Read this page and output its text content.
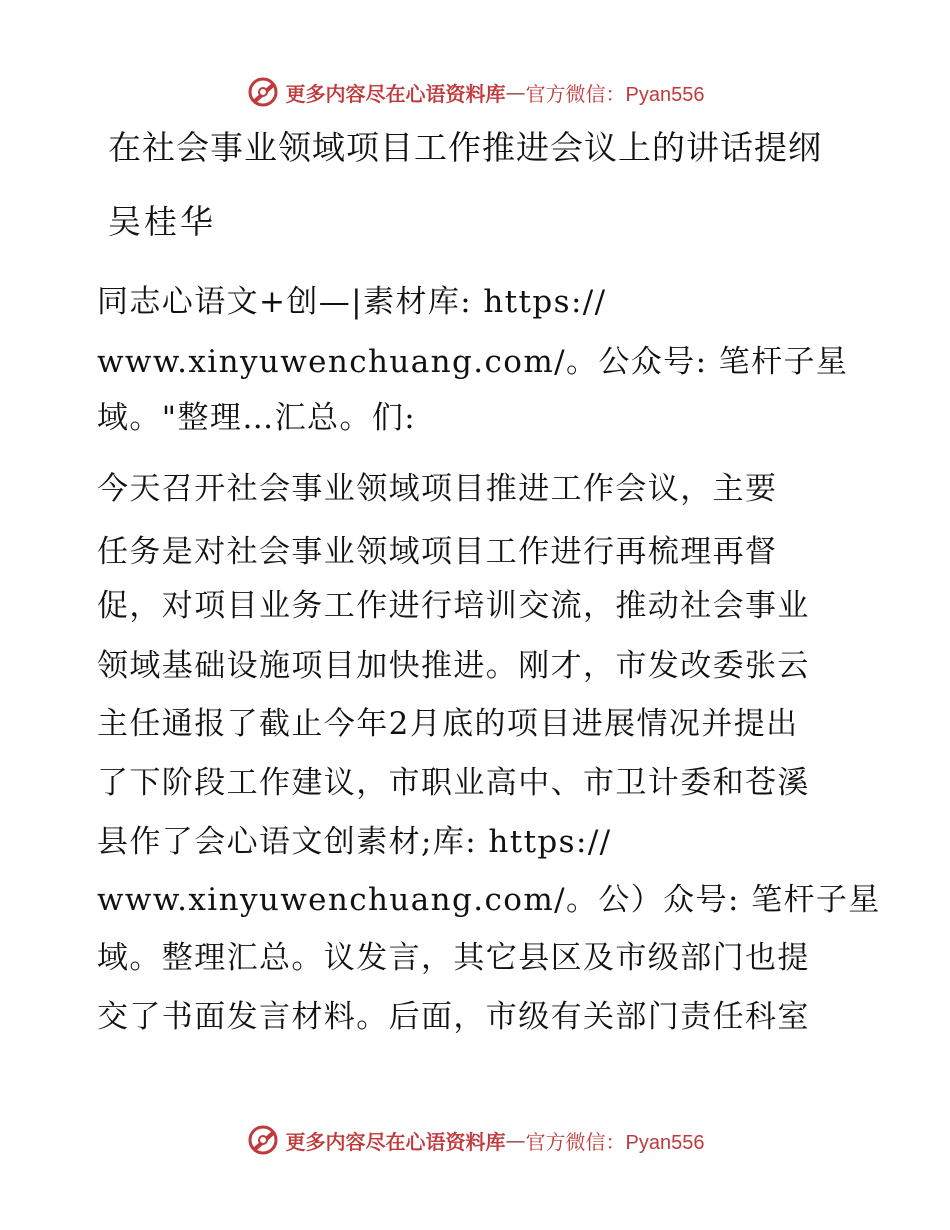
更多内容尽在心语资料库 — 官方微信：Pyan556
在社会事业领域项目工作推进会议上的讲话提纲
吴桂华
同志心语文+创—|素材库: https://
www.xinyuwenchuang.com/。公众号: 笔杆子星
域。"整理…汇总。们:
今天召开社会事业领域项目推进工作会议，主要
任务是对社会事业领域项目工作进行再梳理再督
促，对项目业务工作进行培训交流，推动社会事业
领域基础设施项目加快推进。刚才，市发改委张云
主任通报了截止今年2月底的项目进展情况并提出
了下阶段工作建议，市职业高中、市卫计委和苍溪
县作了会心语文创素材;库: https://
www.xinyuwenchuang.com/。公）众号: 笔杆子星
域。整理汇总。议发言，其它县区及市级部门也提
交了书面发言材料。后面，市级有关部门责任科室
更多内容尽在心语资料库 — 官方微信：Pyan556
